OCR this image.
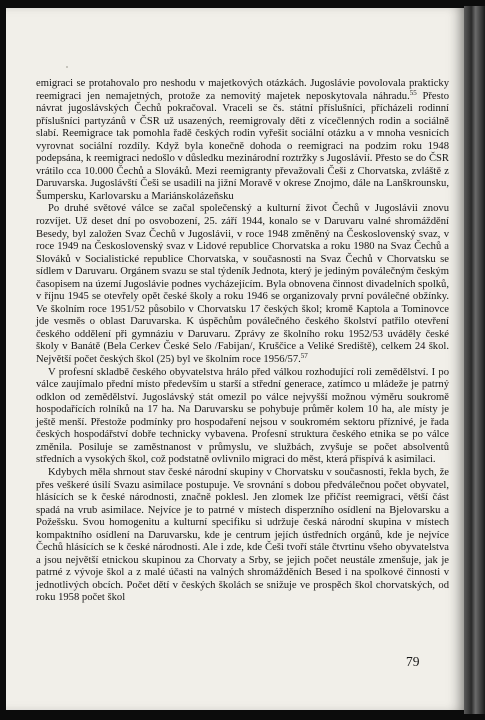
emigraci se protahovalo pro neshodu v majetkových otázkách. Jugoslávie povolovala prakticky reemigraci jen nemajetných, protože za nemovitý majetek neposkytovala náhradu.$^{55}$ Přesto návrat jugoslávských Čechů pokračoval. Vraceli se čs. státní příslušníci, přícházeli rodinní příslušníci partyzánů v ČSR už usazených, reemigrovaly děti z vícečlenných rodin a sociálně slabí. Reemigrace tak pomohla řadě českých rodin vyřešit sociální otázku a v mnoha vesnicích vyrovnat sociální rozdíly. Když byla konečně dohoda o reemigraci na podzim roku 1948 podepsána, k reemigraci nedošlo v důsledku mezinárodní roztržky s Jugoslávií. Přesto se do ČSR vrátilo cca 10.000 Čechů a Slováků. Mezi reemigranty převažovali Češi z Chorvatska, zvláště z Daruvarska. Jugoslávští Češi se usadili na jižní Moravě v okrese Znojmo, dále na Lanškrounsku, Šumpersku, Karlovarsku a Mariánskolázeňsku

Po druhé světové válce se začal společenský a kulturní život Čechů v Jugoslávii znovu rozvíjet. Už deset dní po osvobození, 25. září 1944, konalo se v Daruvaru valné shromáždění Besedy, byl založen Svaz Čechů v Jugoslávii, v roce 1948 změněný na Československý svaz, v roce 1949 na Československý svaz v Lidové republice Chorvatska a roku 1980 na Svaz Čechů a Slováků v Socialistické republice Chorvatska, v současnosti na Svaz Čechů v Chorvatsku se sídlem v Daruvaru. Orgánem svazu se stal týdeník Jednota, který je jediným poválečným českým časopisem na území Jugoslávie podnes vycházejícím. Byla obnovena činnost divadelních spolků, v říjnu 1945 se otevřely opět české školy a roku 1946 se organizovaly první poválečné obžínky. Ve školním roce 1951/52 působilo v Chorvatsku 17 českých škol; kromě Kaptola a Tominovce jde vesměs o oblast Daruvarska. K úspěchům poválečného českého školství patřilo otevření českého oddělení při gymnáziu v Daruvaru. Zprávy ze školního roku 1952/53 uváděly české školy v Banátě (Bela Cerkev České Selo /Fabijan/, Kruščice a Veliké Srediště), celkem 24 škol. Největší počet českých škol (25) byl ve školním roce 1956/57.57

V profesní skladbě českého obyvatelstva hrálo před válkou rozhodující roli zemědělství. I po válce zaujímalo přední místo především u starší a střední generace, zatímco u mládeže je patrný odklon od zemědělství. Jugoslávský stát omezil po válce nejvyšší možnou výměru soukromě hospodařících rolníků na 17 ha. Na Daruvarsku se pohybuje průměr kolem 10 ha, ale místy je ještě menší. Přestože podmínky pro hospodaření nejsou v soukromém sektoru příznivé, je řada českých hospodářství dobře technicky vybavena. Profesní struktura českého etnika se po válce změnila. Posiluje se zaměstnanost v průmyslu, ve službách, zvyšuje se počet absolventů středních a vysokých škol, což podstatně ovlivnilo migraci do měst, která přispívá k asimilaci.

Kdybych měla shrnout stav české národní skupiny v Chorvatsku v současnosti, řekla bych, že přes veškeré úsilí Svazu asimilace postupuje. Ve srovnání s dobou předválečnou počet obyvatel, hlásících se k české národnosti, značně poklesl. Jen zlomek lze přičíst reemigraci, větší část spadá na vrub asimilace. Nejvíce je to patrné v místech disperzního osídlení na Bjelovarsku a Požešsku. Svou homogenitu a kulturní specifiku si udržuje česká národní skupina v místech kompaktního osídlení na Daruvarsku, kde je centrum jejích ústředních orgánů, kde je nejvíce Čechů hlásících se k české národnosti. Ale i zde, kde Češi tvoří stále čtvrtinu všeho obyvatelstva a jsou největší etnickou skupinou za Chorvaty a Srby, se jejich počet neustále zmenšuje, jak je patrné z vývoje škol a z malé účasti na valných shromážděních Besed i na spolkové činnosti v jednotlivých obcích. Počet dětí v českých školách se snižuje ve prospěch škol chorvatských, od roku 1958 počet škol

79
